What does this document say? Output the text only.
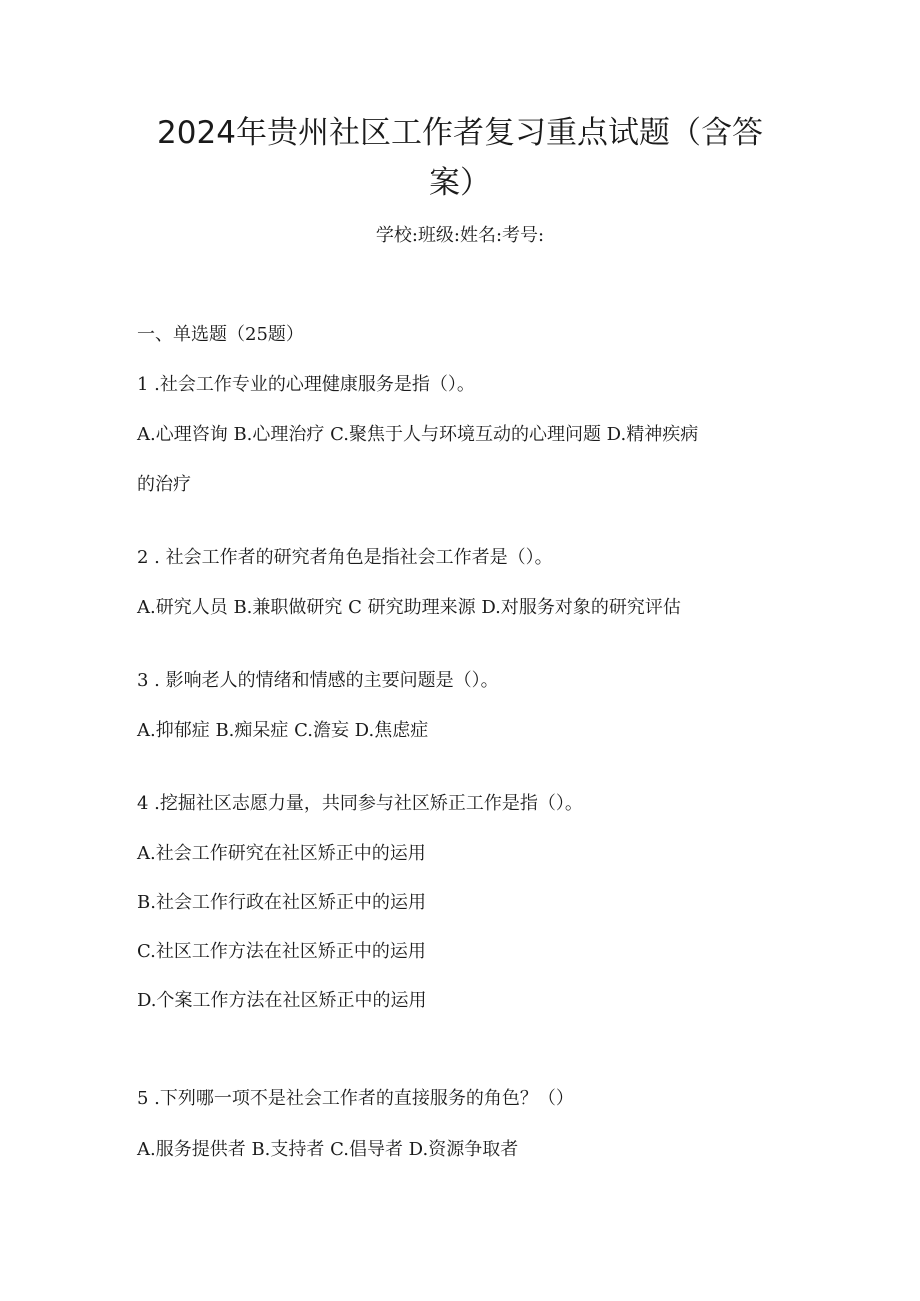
2024年贵州社区工作者复习重点试题（含答
案）
学校:班级:姓名:考号:
一、单选题（25题）
1 .社会工作专业的心理健康服务是指（）。
A.心理咨询 B.心理治疗 C.聚焦于人与环境互动的心理问题 D.精神疾病
的治疗
2 . 社会工作者的研究者角色是指社会工作者是（）。
A.研究人员 B.兼职做研究 C 研究助理来源 D.对服务对象的研究评估
3 . 影响老人的情绪和情感的主要问题是（）。
A.抑郁症 B.痴呆症 C.澹妄 D.焦虑症
4 .挖掘社区志愿力量，共同参与社区矫正工作是指（）。
A.社会工作研究在社区矫正中的运用
B.社会工作行政在社区矫正中的运用
C.社区工作方法在社区矫正中的运用
D.个案工作方法在社区矫正中的运用
5 .下列哪一项不是社会工作者的直接服务的角色？（）
A.服务提供者 B.支持者 C.倡导者 D.资源争取者
